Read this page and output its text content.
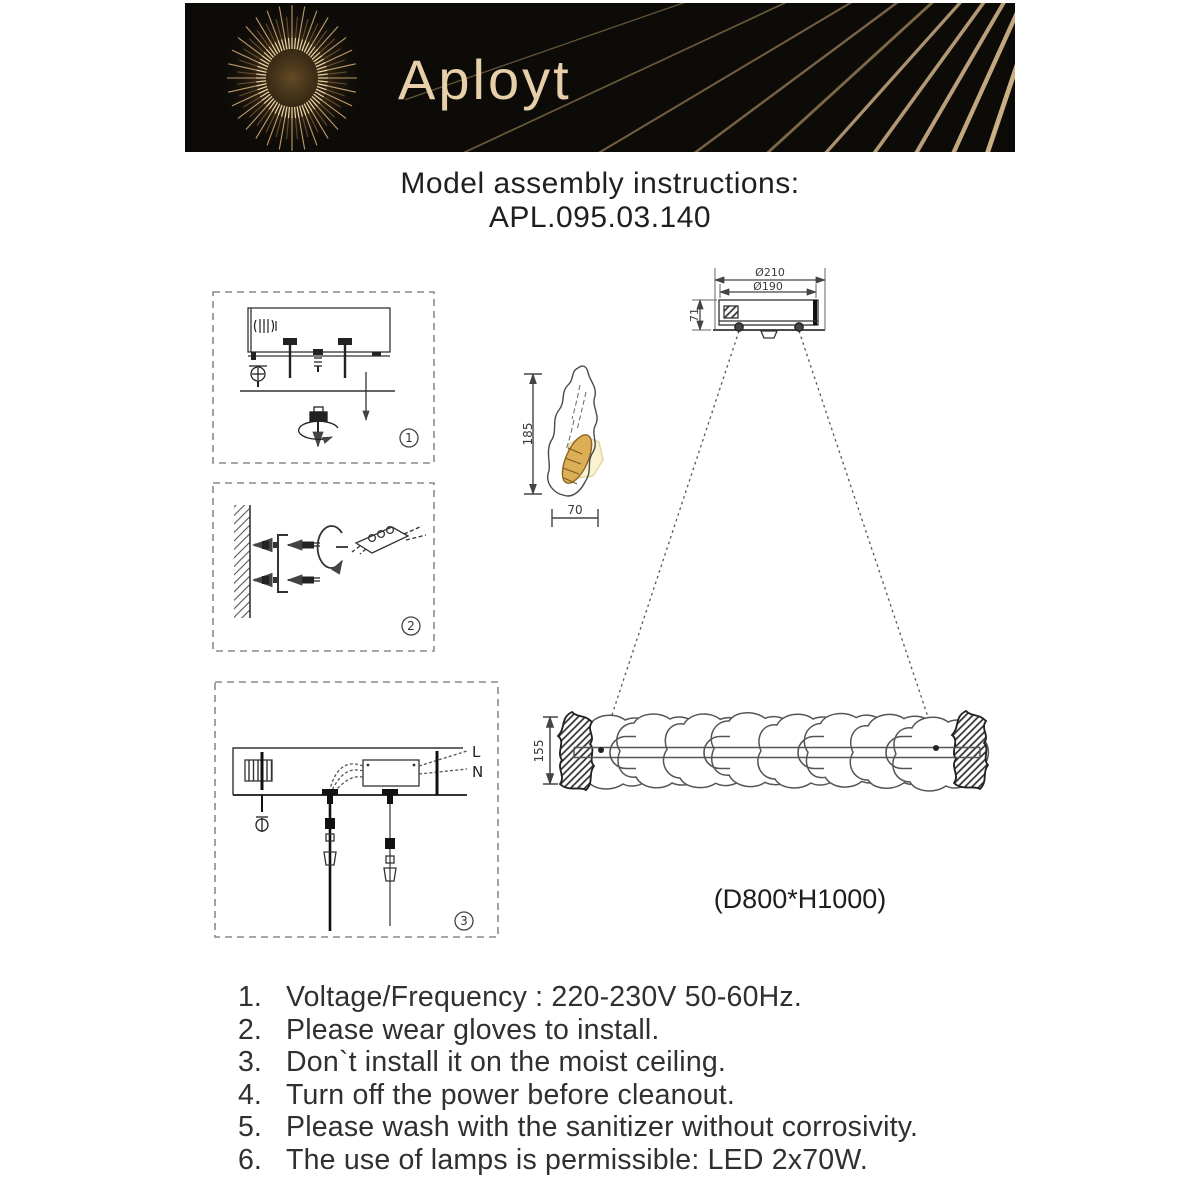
Aployt
Model assembly instructions:
APL.095.03.140
1
2
3
L
N
185
70
Ø210
Ø190
71
155
(D800*H1000)
1. Voltage/Frequency : 220-230V 50-60Hz.
2. Please wear gloves to install.
3. Don`t install it on the moist ceiling.
4. Turn off the power before cleanout.
5. Please wash with the sanitizer without corrosivity.
6. The use of lamps is permissible: LED 2x70W.
